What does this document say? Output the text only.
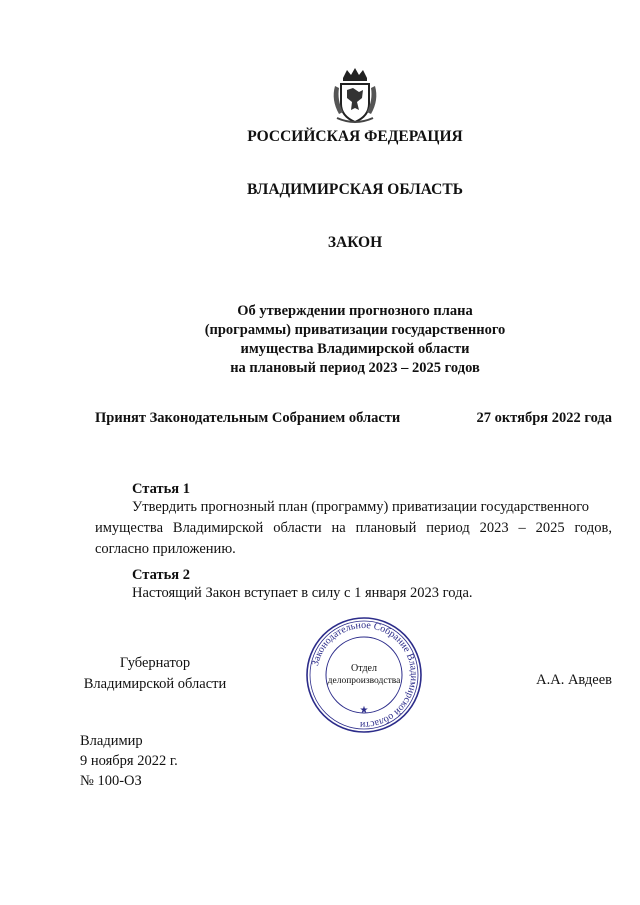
РОССИЙСКАЯ ФЕДЕРАЦИЯ
ВЛАДИМИРСКАЯ ОБЛАСТЬ
ЗАКОН
Об утверждении прогнозного плана
(программы) приватизации государственного
имущества Владимирской области
на плановый период 2023 – 2025 годов
Принят Законодательным Собранием области	27 октября 2022 года
Статья 1
Утвердить прогнозный план (программу) приватизации государственного
имущества Владимирской области на плановый период 2023 – 2025 годов,
согласно приложению.
Статья 2
Настоящий Закон вступает в силу с 1 января 2023 года.
Губернатор
Владимирской области	А.А. Авдеев
Законодательное Собрание Владимирской области
★
Отдел
делопроизводства
Владимир
9 ноября 2022 г.
№ 100-ОЗ
